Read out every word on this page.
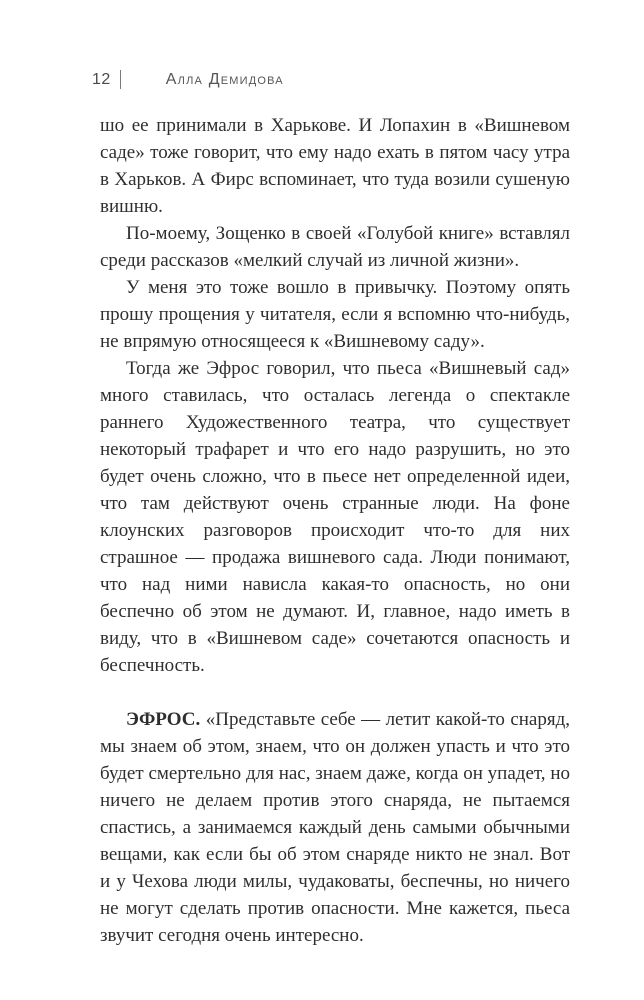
12	Алла Демидова

шо ее принимали в Харькове. И Лопахин в «Вишневом саде» тоже говорит, что ему надо ехать в пятом часу утра в Харьков. А Фирс вспоминает, что туда возили сушеную вишню.

По-моему, Зощенко в своей «Голубой книге» вставлял среди рассказов «мелкий случай из личной жизни».

У меня это тоже вошло в привычку. Поэтому опять прошу прощения у читателя, если я вспомню что-нибудь, не впрямую относящееся к «Вишневому саду».

Тогда же Эфрос говорил, что пьеса «Вишневый сад» много ставилась, что осталась легенда о спектакле раннего Художественного театра, что существует некоторый трафарет и что его надо разрушить, но это будет очень сложно, что в пьесе нет определенной идеи, что там действуют очень странные люди. На фоне клоунских разговоров происходит что-то для них страшное — продажа вишневого сада. Люди понимают, что над ними нависла какая-то опасность, но они беспечно об этом не думают. И, главное, надо иметь в виду, что в «Вишневом саде» сочетаются опасность и беспечность.

ЭФРОС. «Представьте себе — летит какой-то снаряд, мы знаем об этом, знаем, что он должен упасть и что это будет смертельно для нас, знаем даже, когда он упадет, но ничего не делаем против этого снаряда, не пытаемся спастись, а занимаемся каждый день самыми обычными вещами, как если бы об этом снаряде никто не знал. Вот и у Чехова люди милы, чудаковаты, беспечны, но ничего не могут сделать против опасности. Мне кажется, пьеса звучит сегодня очень интересно.
